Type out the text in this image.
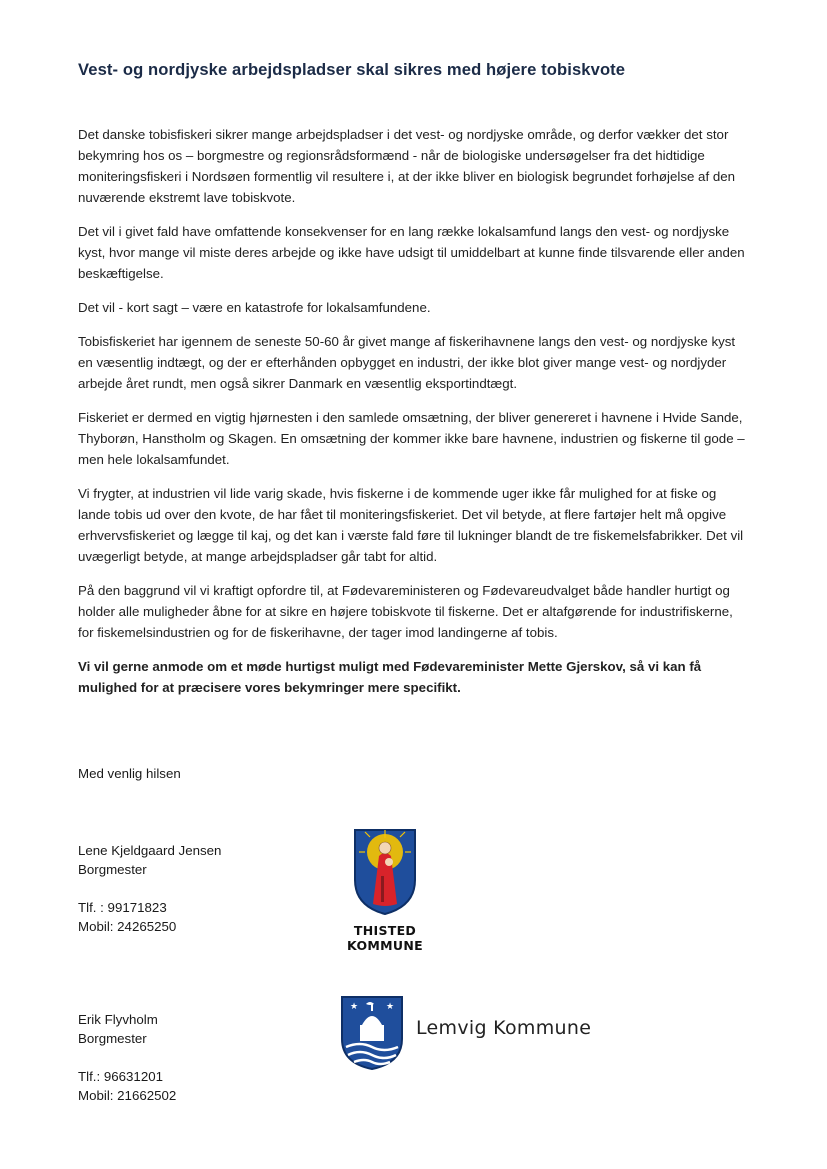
Vest- og nordjyske arbejdspladser skal sikres med højere tobiskvote

Det danske tobisfiskeri sikrer mange arbejdspladser i det vest- og nordjyske område, og derfor vækker det stor bekymring hos os – borgmestre og regionsrådsformænd - når de biologiske undersøgelser fra det hidtidige moniteringsfiskeri i Nordsøen formentlig vil resultere i, at der ikke bliver en biologisk begrundet forhøjelse af den nuværende ekstremt lave tobiskvote.

Det vil i givet fald have omfattende konsekvenser for en lang række lokalsamfund langs den vest- og nordjyske kyst, hvor mange vil miste deres arbejde og ikke have udsigt til umiddelbart at kunne finde tilsvarende eller anden beskæftigelse.

Det vil - kort sagt – være en katastrofe for lokalsamfundene.

Tobisfiskeriet har igennem de seneste 50-60 år givet mange af fiskerihavnene langs den vest- og nordjyske kyst en væsentlig indtægt, og der er efterhånden opbygget en industri, der ikke blot giver mange vest- og nordjyder arbejde året rundt, men også sikrer Danmark en væsentlig eksportindtægt.

Fiskeriet er dermed en vigtig hjørnesten i den samlede omsætning, der bliver genereret i havnene i Hvide Sande, Thyborøn, Hanstholm og Skagen. En omsætning der kommer ikke bare havnene, industrien og fiskerne til gode – men hele lokalsamfundet.

Vi frygter, at industrien vil lide varig skade, hvis fiskerne i de kommende uger ikke får mulighed for at fiske og lande tobis ud over den kvote, de har fået til moniteringsfiskeriet. Det vil betyde, at flere fartøjer helt må opgive erhvervsfiskeriet og lægge til kaj, og det kan i værste fald føre til lukninger blandt de tre fiskemelsfabrikker. Det vil uvægerligt betyde, at mange arbejdspladser går tabt for altid.

På den baggrund vil vi kraftigt opfordre til, at Fødevareministeren og Fødevareudvalget både handler hurtigt og holder alle muligheder åbne for at sikre en højere tobiskvote til fiskerne. Det er altafgørende for industrifiskerne, for fiskemelsindustrien og for de fiskerihavne, der tager imod landingerne af tobis.

Vi vil gerne anmode om et møde hurtigst muligt med Fødevareminister Mette Gjerskov, så vi kan få mulighed for at præcisere vores bekymringer mere specifikt.

Med venlig hilsen
Lene Kjeldgaard Jensen
Borgmester
Tlf. : 99171823
Mobil: 24265250	THISTED KOMMUNE
Erik Flyvholm
Borgmester
Tlf.: 96631201
Mobil: 21662502
★	★
Lemvig Kommune
